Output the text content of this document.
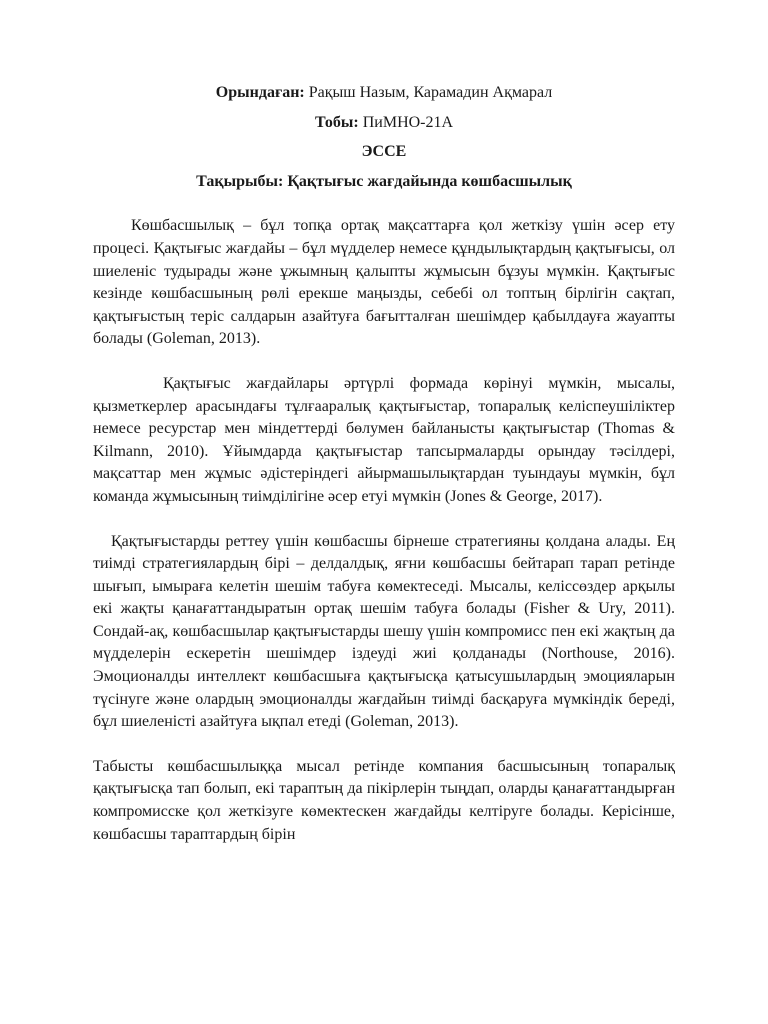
Орындаған: Рақыш Назым, Карамадин Ақмарал

Тобы: ПиМНО-21А

ЭССЕ

Тақырыбы: Қақтығыс жағдайында көшбасшылық

Көшбасшылық – бұл топқа ортақ мақсаттарға қол жеткізу үшін әсер ету процесі. Қақтығыс жағдайы – бұл мүдделер немесе құндылықтардың қақтығысы, ол шиеленіс тудырады және ұжымның қалыпты жұмысын бұзуы мүмкін. Қақтығыс кезінде көшбасшының рөлі ерекше маңызды, себебі ол топтың бірлігін сақтап, қақтығыстың теріс салдарын азайтуға бағытталған шешімдер қабылдауға жауапты болады (Goleman, 2013).

Қақтығыс жағдайлары әртүрлі формада көрінуі мүмкін, мысалы, қызметкерлер арасындағы тұлғааралық қақтығыстар, топаралық келіспеушіліктер немесе ресурстар мен міндеттерді бөлумен байланысты қақтығыстар (Thomas & Kilmann, 2010). Ұйымдарда қақтығыстар тапсырмаларды орындау тәсілдері, мақсаттар мен жұмыс әдістеріндегі айырмашылықтардан туындауы мүмкін, бұл команда жұмысының тиімділігіне әсер етуі мүмкін (Jones & George, 2017).

Қақтығыстарды реттеу үшін көшбасшы бірнеше стратегияны қолдана алады. Ең тиімді стратегиялардың бірі – делдалдық, яғни көшбасшы бейтарап тарап ретінде шығып, ымыраға келетін шешім табуға көмектеседі. Мысалы, келіссөздер арқылы екі жақты қанағаттандыратын ортақ шешім табуға болады (Fisher & Ury, 2011). Сондай-ақ, көшбасшылар қақтығыстарды шешу үшін компромисс пен екі жақтың да мүдделерін ескеретін шешімдер іздеуді жиі қолданады (Northouse, 2016). Эмоционалды интеллект көшбасшыға қақтығысқа қатысушылардың эмоцияларын түсінуге және олардың эмоционалды жағдайын тиімді басқаруға мүмкіндік береді, бұл шиеленісті азайтуға ықпал етеді (Goleman, 2013).

Табысты көшбасшылыққа мысал ретінде компания басшысының топаралық қақтығысқа тап болып, екі тараптың да пікірлерін тыңдап, оларды қанағаттандырған компромисске қол жеткізуге көмектескен жағдайды келтіруге болады. Керісінше, көшбасшы тараптардың бірін
